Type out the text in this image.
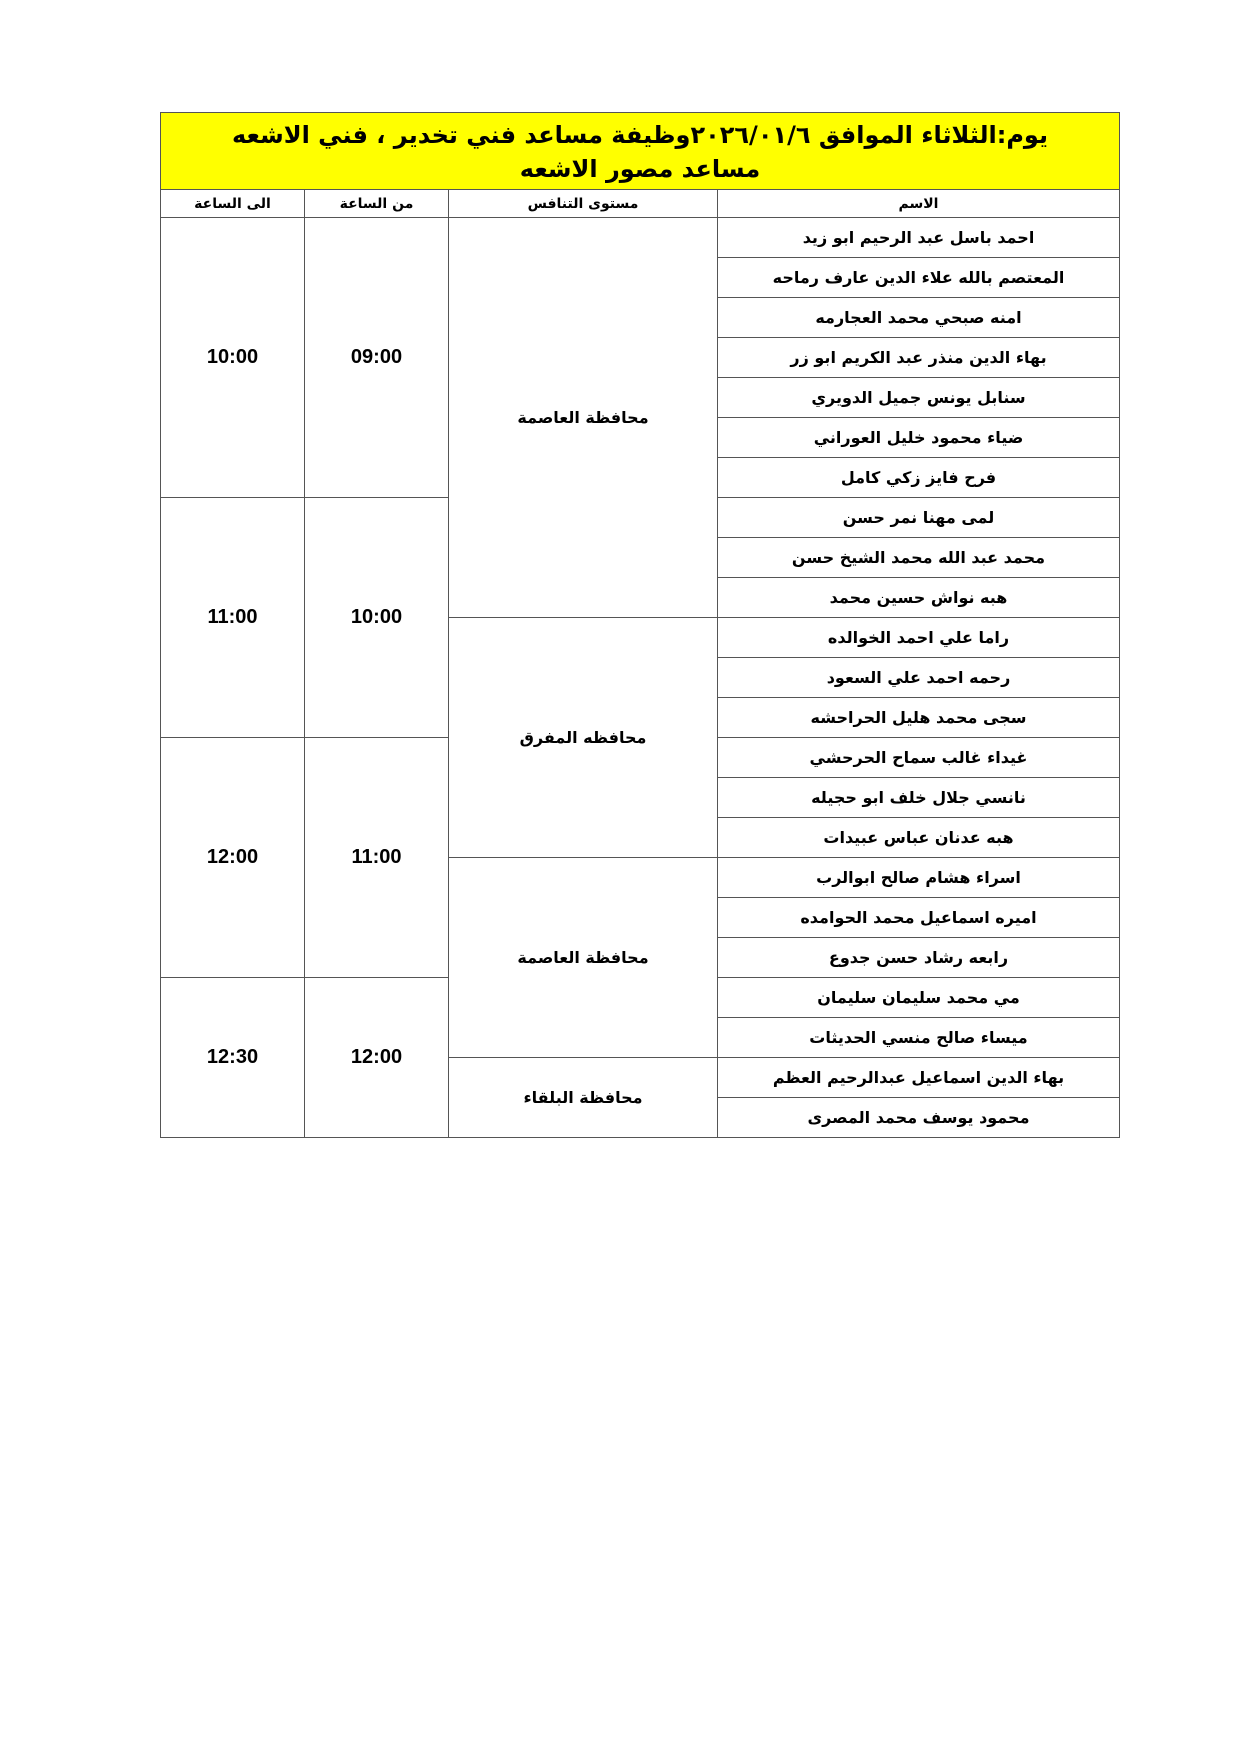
يوم:الثلاثاء الموافق ٢٠٢٦/٠١/٦وظيفة مساعد فني تخدير ، فني الاشعه
مساعد مصور الاشعه			

الى الساعة	من الساعة	مستوى التنافس	الاسم
10:00	09:00	محافظة العاصمة	احمد باسل عبد الرحيم ابو زيد
			المعتصم بالله علاء الدين عارف رماحه
			امنه صبحي محمد العجارمه
			بهاء الدين منذر عبد الكريم ابو زر
			سنابل يونس جميل الدويري
			ضياء محمود خليل العوراني
			فرح فايز زكي كامل
11:00	10:00		لمى مهنا نمر حسن
			محمد عبد الله محمد الشيخ حسن
			هبه نواش حسين محمد
		محافظه المفرق	راما علي احمد الخوالده
			رحمه احمد علي السعود
			سجى محمد هليل الحراحشه
12:00	11:00		غيداء غالب سماح الحرحشي
			نانسي جلال خلف ابو حجيله
			هبه عدنان عباس عبيدات
		محافظة العاصمة	اسراء هشام صالح ابوالرب
			اميره اسماعيل محمد الحوامده
			رابعه رشاد حسن جدوع
12:30	12:00		مي محمد سليمان سليمان
			ميساء صالح منسي الحديثات
		محافظة البلقاء	بهاء الدين اسماعيل عبدالرحيم العظم
			محمود يوسف محمد المصرى
